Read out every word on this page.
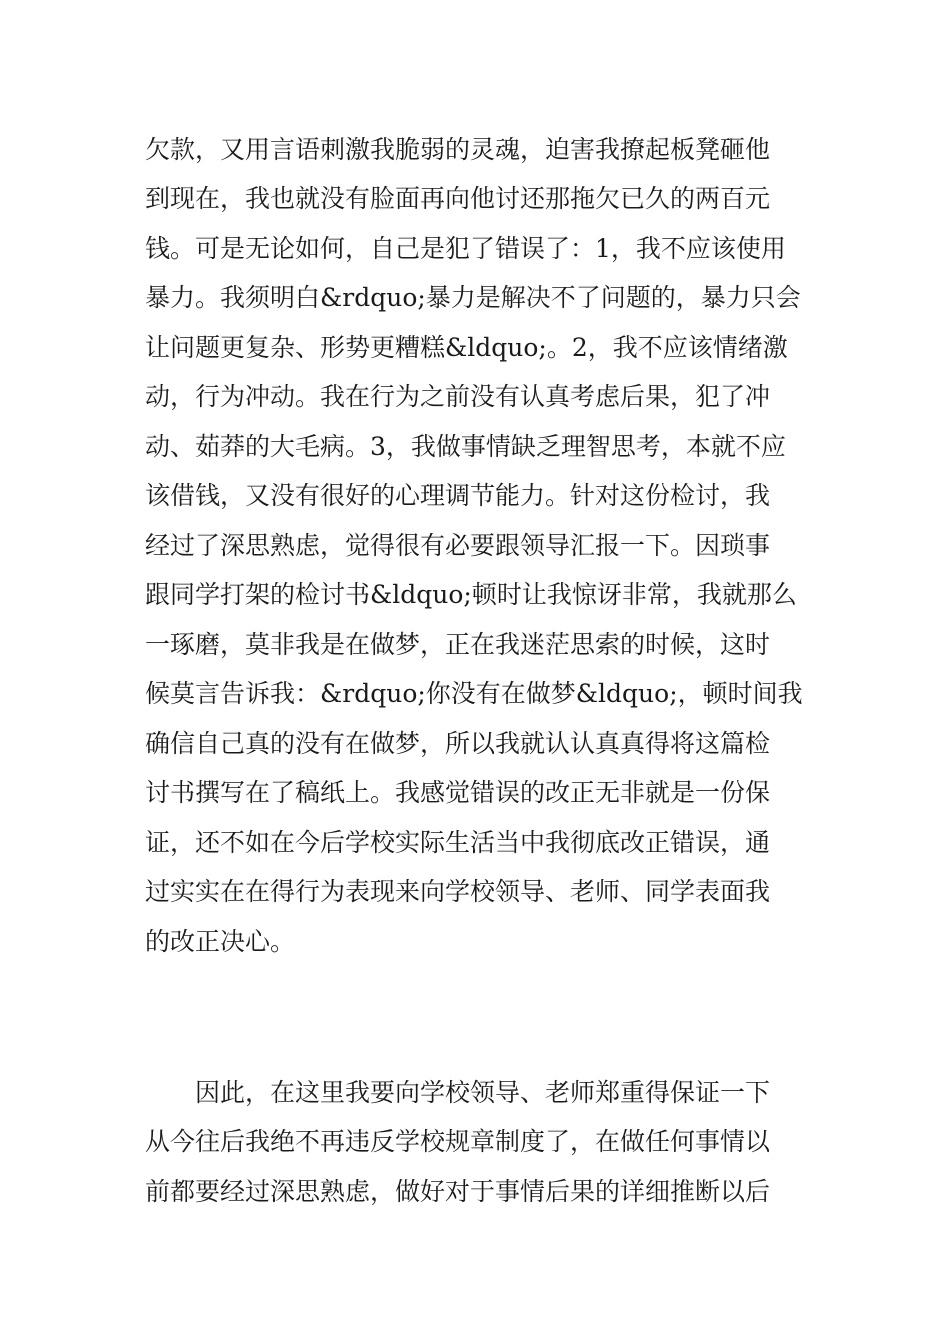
欠款，又用言语刺激我脆弱的灵魂，迫害我撩起板凳砸他

到现在，我也就没有脸面再向他讨还那拖欠已久的两百元

钱。可是无论如何，自己是犯了错误了：1，我不应该使用

暴力。我须明白&rdquo;暴力是解决不了问题的，暴力只会

让问题更复杂、形势更糟糕&ldquo;。2，我不应该情绪激

动，行为冲动。我在行为之前没有认真考虑后果，犯了冲

动、茹莽的大毛病。3，我做事情缺乏理智思考，本就不应

该借钱，又没有很好的心理调节能力。针对这份检讨，我

经过了深思熟虑，觉得很有必要跟领导汇报一下。因琐事

跟同学打架的检讨书&ldquo;顿时让我惊讶非常，我就那么

一琢磨，莫非我是在做梦，正在我迷茫思索的时候，这时

候莫言告诉我：&rdquo;你没有在做梦&ldquo;，顿时间我

确信自己真的没有在做梦，所以我就认认真真得将这篇检

讨书撰写在了稿纸上。我感觉错误的改正无非就是一份保

证，还不如在今后学校实际生活当中我彻底改正错误，通

过实实在在得行为表现来向学校领导、老师、同学表面我

的改正决心。

因此，在这里我要向学校领导、老师郑重得保证一下

从今往后我绝不再违反学校规章制度了，在做任何事情以

前都要经过深思熟虑，做好对于事情后果的详细推断以后
